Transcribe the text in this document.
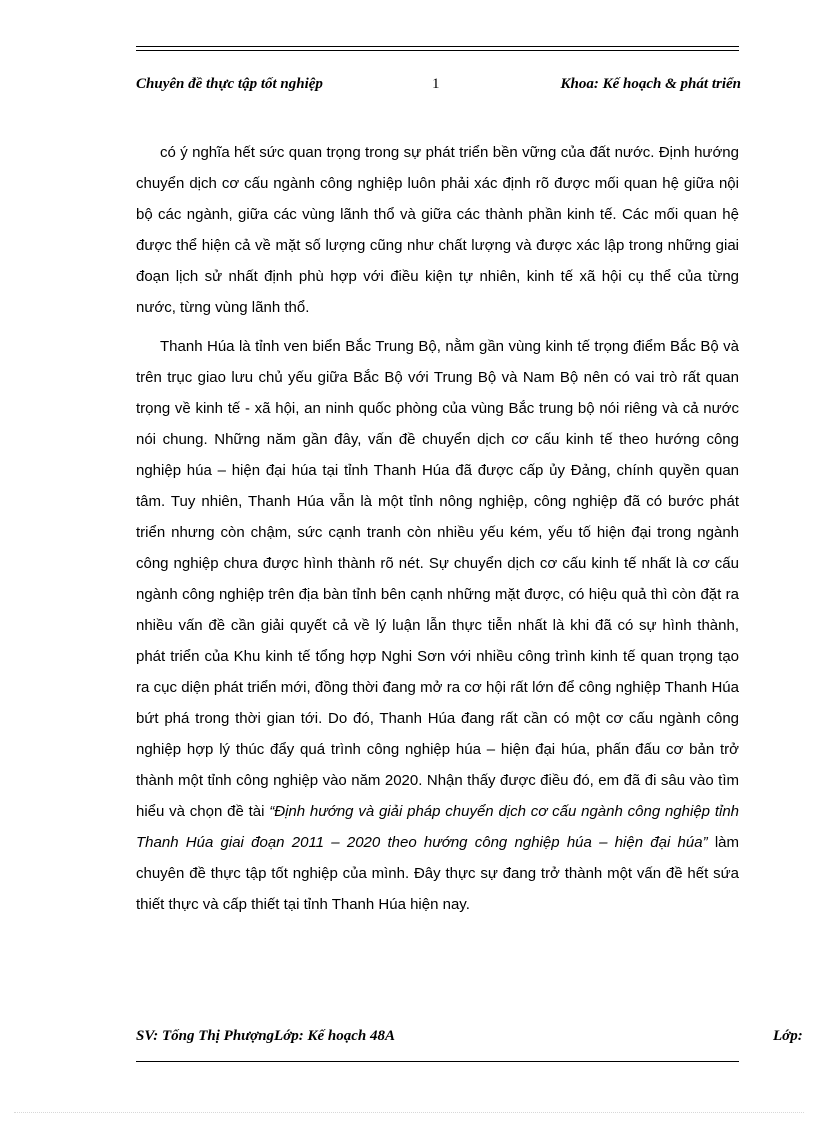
Chuyên đề thực tập tốt nghiệp	1	Khoa: Kế hoạch & phát triển

có ý nghĩa hết sức quan trọng trong sự phát triển bền vững của đất nước. Định hướng chuyển dịch cơ cấu ngành công nghiệp luôn phải xác định rõ được mối quan hệ giữa nội bộ các ngành, giữa các vùng lãnh thổ và giữa các thành phần kinh tế. Các mối quan hệ được thể hiện cả về mặt số lượng cũng như chất lượng và được xác lập trong những giai đoạn lịch sử nhất định phù hợp với điều kiện tự nhiên, kinh tế xã hội cụ thể của từng nước, từng vùng lãnh thổ.

Thanh Húa là tỉnh ven biển Bắc Trung Bộ, nằm gần vùng kinh tế trọng điểm Bắc Bộ và trên trục giao lưu chủ yếu giữa Bắc Bộ với Trung Bộ và Nam Bộ nên có vai trò rất quan trọng về kinh tế - xã hội, an ninh quốc phòng của vùng Bắc trung bộ nói riêng và cả nước nói chung. Những năm gần đây, vấn đề chuyển dịch cơ cấu kinh tế theo hướng công nghiệp húa – hiện đại húa tại tỉnh Thanh Húa đã được cấp ủy Đảng, chính quyền quan tâm. Tuy nhiên, Thanh Húa vẫn là một tỉnh nông nghiệp, công nghiệp đã có bước phát triển nhưng còn chậm, sức cạnh tranh còn nhiều yếu kém, yếu tố hiện đại trong ngành công nghiệp chưa được hình thành rõ nét. Sự chuyển dịch cơ cấu kinh tế nhất là cơ cấu ngành công nghiệp trên địa bàn tỉnh bên cạnh những mặt được, có hiệu quả thì còn đặt ra nhiều vấn đề cần giải quyết cả về lý luận lẫn thực tiễn nhất là khi đã có sự hình thành, phát triển của Khu kinh tế tổng hợp Nghi Sơn với nhiều công trình kinh tế quan trọng tạo ra cục diện phát triển mới, đồng thời đang mở ra cơ hội rất lớn để công nghiệp Thanh Húa bứt phá trong thời gian tới. Do đó, Thanh Húa đang rất cần có một cơ cấu ngành công nghiệp hợp lý thúc đẩy quá trình công nghiệp húa – hiện đại húa, phấn đấu cơ bản trở thành một tỉnh công nghiệp vào năm 2020. Nhận thấy được điều đó, em đã đi sâu vào tìm hiểu và chọn đề tài “Định hướng và giải pháp chuyển dịch cơ cấu ngành công nghiệp tỉnh Thanh Húa giai đoạn 2011 – 2020 theo hướng công nghiệp húa – hiện đại húa” làm chuyên đề thực tập tốt nghiệp của mình. Đây thực sự đang trở thành một vấn đề hết sứa thiết thực và cấp thiết tại tỉnh Thanh Húa hiện nay.

SV: Tống Thị PhượngLớp: Kế hoạch 48A	Lớp:
